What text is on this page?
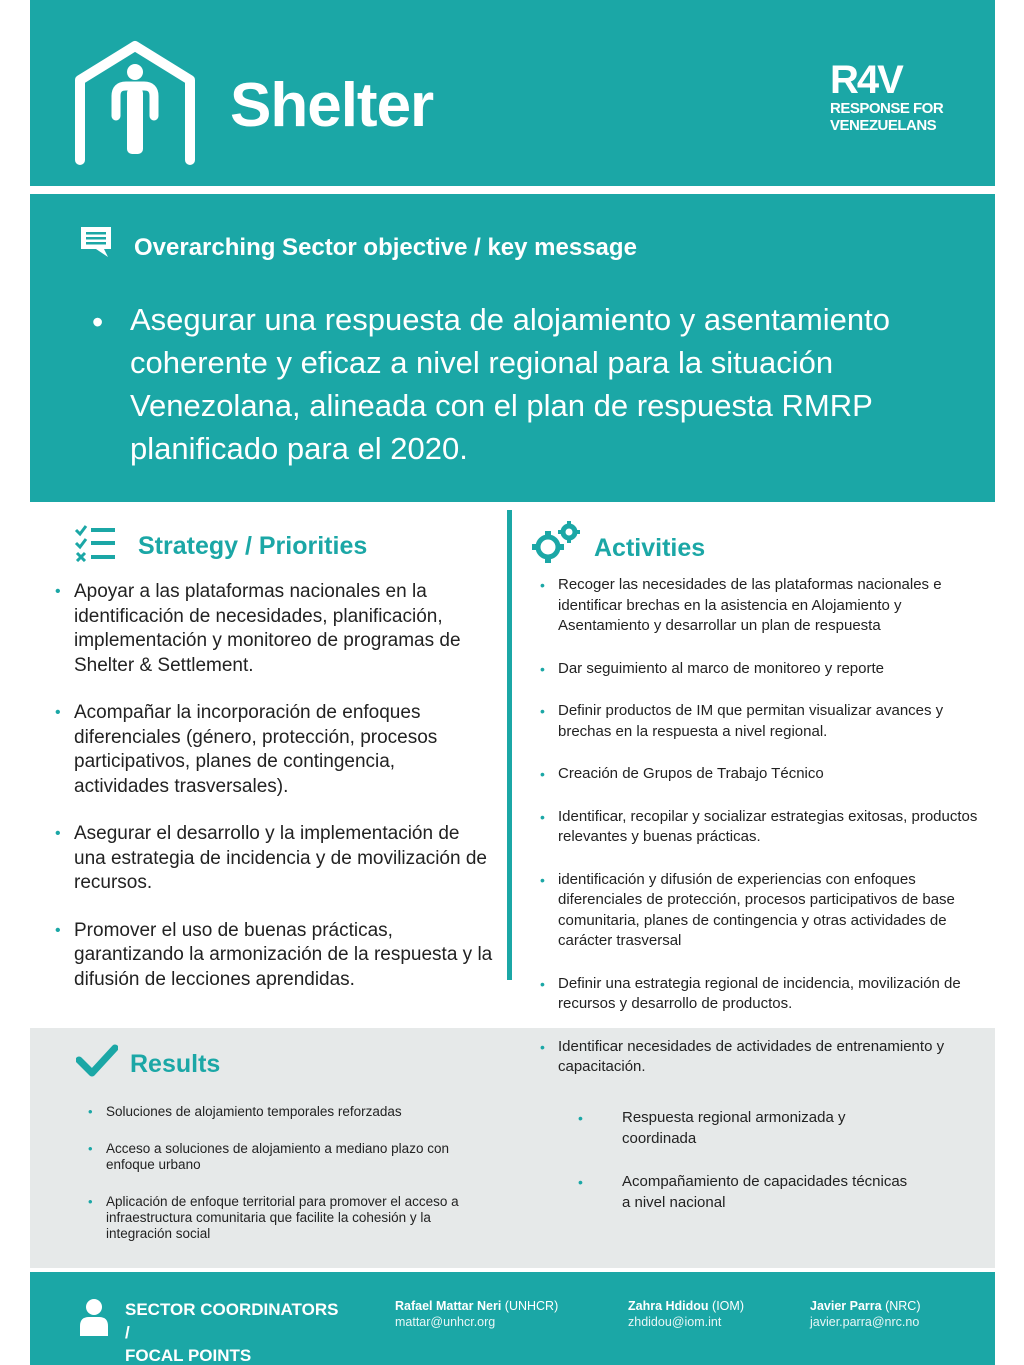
Shelter	R4V
RESPONSE FOR
VENEZUELANS
Overarching Sector objective / key message
• Asegurar una respuesta de alojamiento y asentamiento coherente y eficaz a nivel regional para la situación Venezolana, alineada con el plan de respuesta RMRP planificado para el 2020.
Strategy / Priorities
• Apoyar a las plataformas nacionales en la identificación de necesidades, planificación, implementación y monitoreo de programas de Shelter & Settlement.
• Acompañar la incorporación de enfoques diferenciales (género, protección, procesos participativos, planes de contingencia, actividades trasversales).
• Asegurar el desarrollo y la implementación de una estrategia de incidencia y de movilización de recursos.
• Promover el uso de buenas prácticas, garantizando la armonización de la respuesta y la difusión de lecciones aprendidas.
Activities
• Recoger las necesidades de las plataformas nacionales e identificar brechas en la asistencia en Alojamiento y Asentamiento y desarrollar un plan de respuesta
• Dar seguimiento al marco de monitoreo y reporte
• Definir productos de IM que permitan visualizar avances y brechas en la respuesta a nivel regional.
• Creación de Grupos de Trabajo Técnico
• Identificar, recopilar y socializar estrategias exitosas, productos relevantes y buenas prácticas.
• identificación y difusión de experiencias con enfoques diferenciales de protección, procesos participativos de base comunitaria, planes de contingencia y otras actividades de carácter trasversal
• Definir una estrategia regional de incidencia, movilización de recursos y desarrollo de productos.
• Identificar necesidades de actividades de entrenamiento y capacitación.
Results
• Soluciones de alojamiento temporales reforzadas
• Acceso a soluciones de alojamiento a mediano plazo con enfoque urbano
• Aplicación de enfoque territorial para promover el acceso a infraestructura comunitaria que facilite la cohesión y la integración social
• Respuesta regional armonizada y coordinada
• Acompañamiento de capacidades técnicas a nivel nacional
SECTOR COORDINATORS
/
FOCAL POINTS
Rafael Mattar Neri (UNHCR)
mattar@unhcr.org
Zahra Hdidou (IOM)
zhdidou@iom.int
Javier Parra (NRC)
javier.parra@nrc.no
